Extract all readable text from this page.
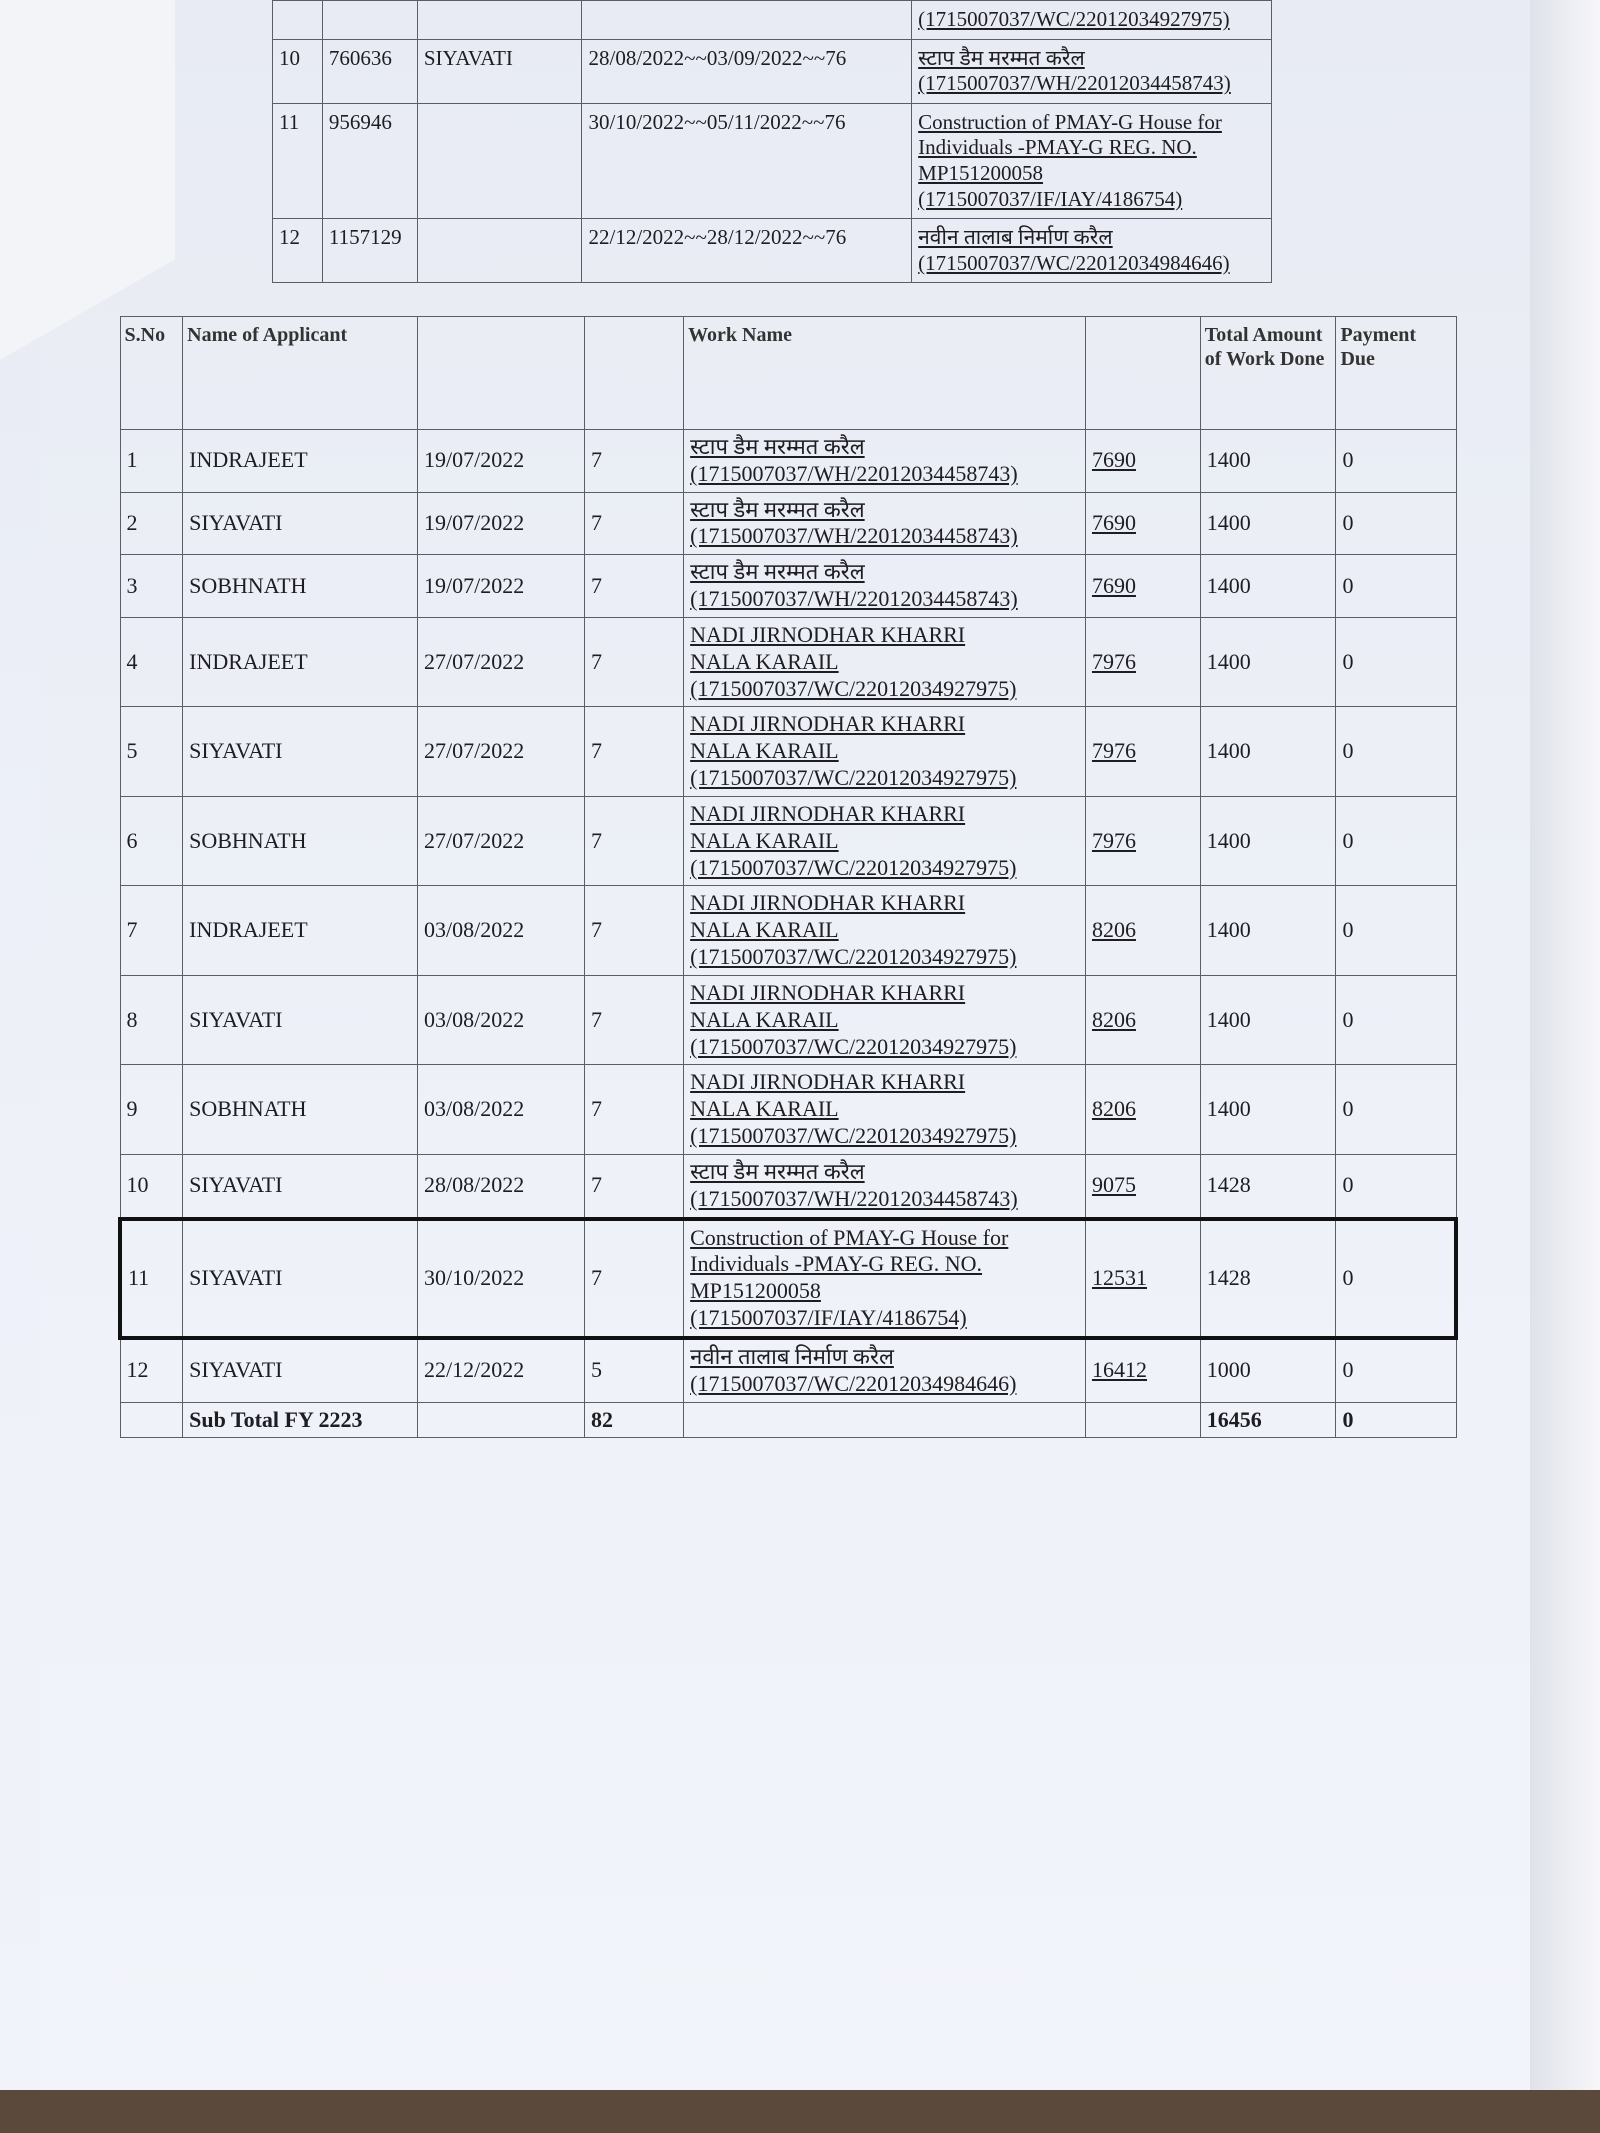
				(1715007037/WC/22012034927975)

10	760636	SIYAVATI	28/08/2022~~03/09/2022~~76	स्टाप डैम मरम्मत करैल
(1715007037/WH/22012034458743)

11	956946		30/10/2022~~05/11/2022~~76	Construction of PMAY-G House for
Individuals -PMAY-G REG. NO.
MP151200058
(1715007037/IF/IAY/4186754)

12	1157129		22/12/2022~~28/12/2022~~76	नवीन तालाब निर्माण करैल
(1715007037/WC/22012034984646)
S.No	Name of Applicant			Work Name		Total Amount of Work Done	Payment Due
1	INDRAJEET	19/07/2022	7	स्टाप डैम मरम्मत करैल
(1715007037/WH/22012034458743)	7690	1400	0
2	SIYAVATI	19/07/2022	7	स्टाप डैम मरम्मत करैल
(1715007037/WH/22012034458743)	7690	1400	0
3	SOBHNATH	19/07/2022	7	स्टाप डैम मरम्मत करैल
(1715007037/WH/22012034458743)	7690	1400	0
4	INDRAJEET	27/07/2022	7	NADI JIRNODHAR KHARRI
NALA KARAIL
(1715007037/WC/22012034927975)	7976	1400	0
5	SIYAVATI	27/07/2022	7	NADI JIRNODHAR KHARRI
NALA KARAIL
(1715007037/WC/22012034927975)	7976	1400	0
6	SOBHNATH	27/07/2022	7	NADI JIRNODHAR KHARRI
NALA KARAIL
(1715007037/WC/22012034927975)	7976	1400	0
7	INDRAJEET	03/08/2022	7	NADI JIRNODHAR KHARRI
NALA KARAIL
(1715007037/WC/22012034927975)	8206	1400	0
8	SIYAVATI	03/08/2022	7	NADI JIRNODHAR KHARRI
NALA KARAIL
(1715007037/WC/22012034927975)	8206	1400	0
9	SOBHNATH	03/08/2022	7	NADI JIRNODHAR KHARRI
NALA KARAIL
(1715007037/WC/22012034927975)	8206	1400	0
10	SIYAVATI	28/08/2022	7	स्टाप डैम मरम्मत करैल
(1715007037/WH/22012034458743)	9075	1428	0
11	SIYAVATI	30/10/2022	7	Construction of PMAY-G House for
Individuals -PMAY-G REG. NO.
MP151200058
(1715007037/IF/IAY/4186754)	12531	1428	0
12	SIYAVATI	22/12/2022	5	नवीन तालाब निर्माण करैल
(1715007037/WC/22012034984646)	16412	1000	0
	Sub Total FY 2223		82			16456	0
